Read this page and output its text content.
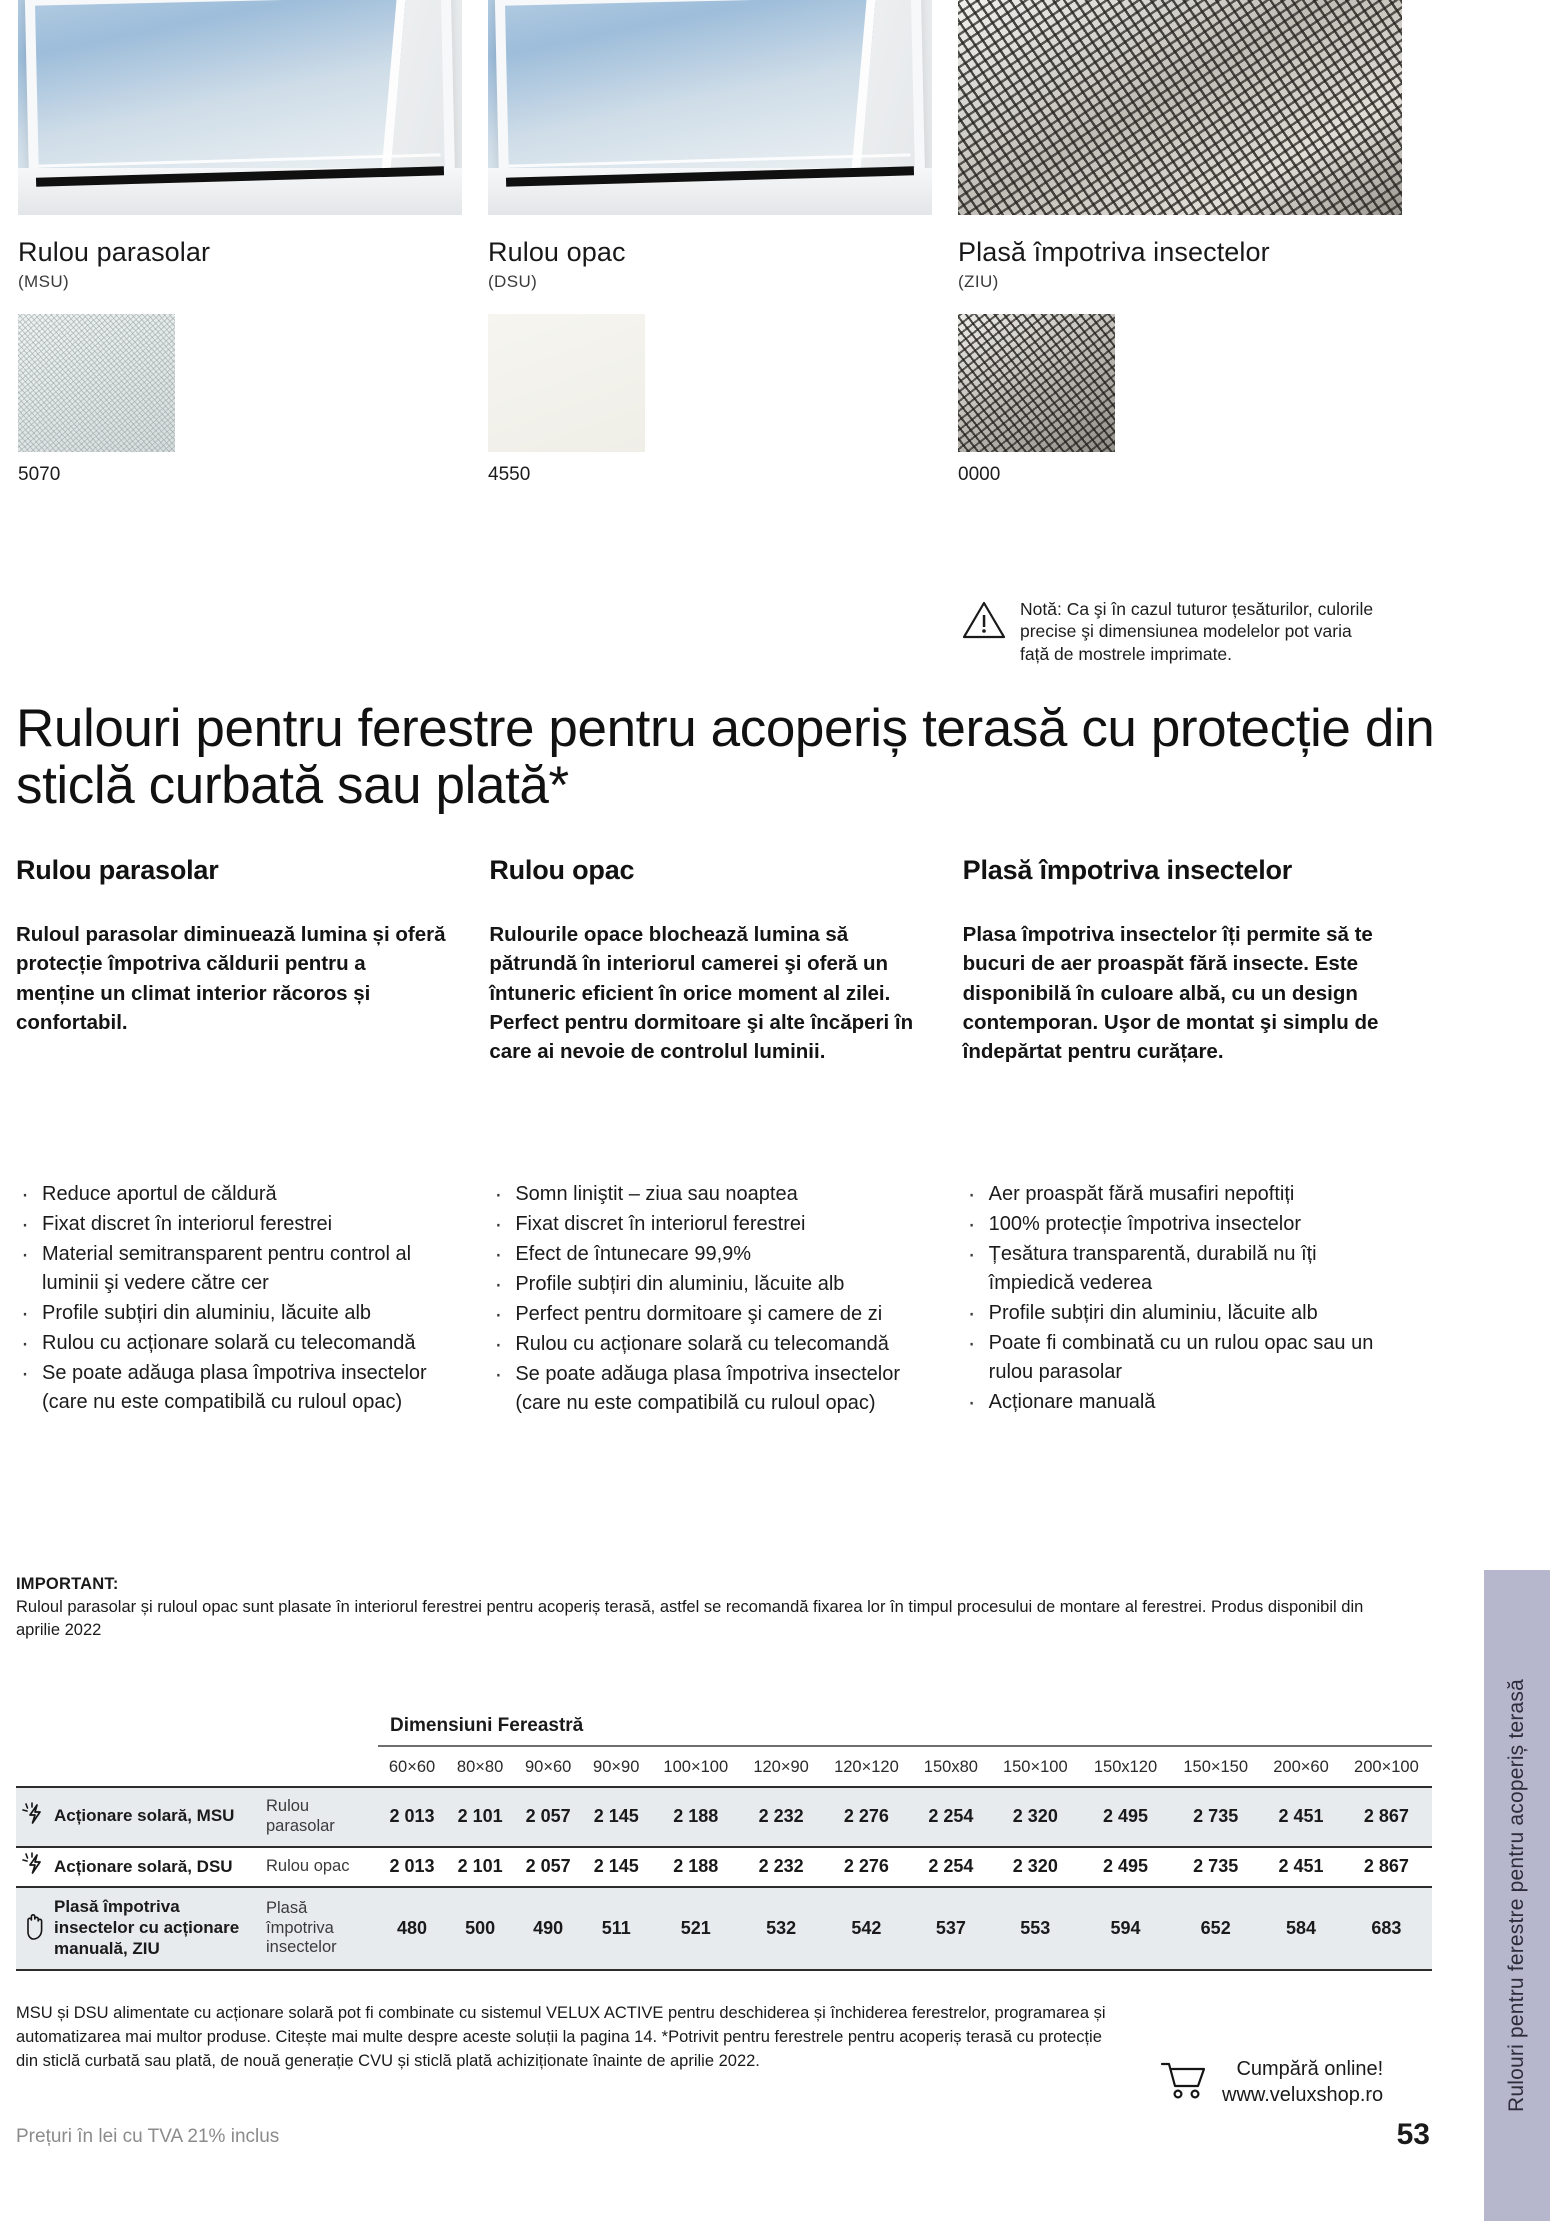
Rulouri pentru ferestre pentru acoperiș terasă
Rulou parasolar
(MSU)
5070
Rulou opac
(DSU)
4550
Plasă împotriva insectelor
(ZIU)
0000
Notă: Ca şi în cazul tuturor țesăturilor, culorile precise şi dimensiunea modelelor pot varia față de mostrele imprimate.
Rulouri pentru ferestre pentru acoperiș terasă cu protecție din sticlă curbată sau plată*
Rulou parasolar

Ruloul parasolar diminuează lumina și oferă protecție împotriva căldurii pentru a menține un climat interior răcoros și confortabil.

Rulou opac

Rulourile opace blochează lumina să pătrundă în interiorul camerei şi oferă un întuneric eficient în orice moment al zilei. Perfect pentru dormitoare şi alte încăperi în care ai nevoie de controlul luminii.

Plasă împotriva insectelor

Plasa împotriva insectelor îți permite să te bucuri de aer proaspăt fără insecte. Este disponibilă în culoare albă, cu un design contemporan. Uşor de montat şi simplu de îndepărtat pentru curățare.

· Reduce aportul de căldură
· Fixat discret în interiorul ferestrei
· Material semitransparent pentru control al luminii şi vedere către cer
· Profile subțiri din aluminiu, lăcuite alb
· Rulou cu acționare solară cu telecomandă
· Se poate adăuga plasa împotriva insectelor (care nu este compatibilă cu ruloul opac)
· Somn liniştit – ziua sau noaptea
· Fixat discret în interiorul ferestrei
· Efect de întunecare 99,9%
· Profile subțiri din aluminiu, lăcuite alb
· Perfect pentru dormitoare şi camere de zi
· Rulou cu acționare solară cu telecomandă
· Se poate adăuga plasa împotriva insectelor (care nu este compatibilă cu ruloul opac)
· Aer proaspăt fără musafiri nepoftiți
· 100% protecție împotriva insectelor
· Țesătura transparentă, durabilă nu îți împiedică vederea
· Profile subțiri din aluminiu, lăcuite alb
· Poate fi combinată cu un rulou opac sau un rulou parasolar
· Acționare manuală
IMPORTANT:
Ruloul parasolar și ruloul opac sunt plasate în interiorul ferestrei pentru acoperiș terasă, astfel se recomandă fixarea lor în timpul procesului de montare al ferestrei. Produs disponibil din aprilie 2022
			Dimensiuni Fereastră												
			60×60	80×80	90×60	90×90	100×100	120×90	120×120	150x80	150×100	150x120	150×150	200×60	200×100
	Acționare solară, MSU	Rulou parasolar	2 013	2 101	2 057	2 145	2 188	2 232	2 276	2 254	2 320	2 495	2 735	2 451	2 867
	Acționare solară, DSU	Rulou opac	2 013	2 101	2 057	2 145	2 188	2 232	2 276	2 254	2 320	2 495	2 735	2 451	2 867
	Plasă împotriva insectelor cu acționare manuală, ZIU	Plasă împotriva insectelor	480	500	490	511	521	532	542	537	553	594	652	584	683
MSU și DSU alimentate cu acționare solară pot fi combinate cu sistemul VELUX ACTIVE pentru deschiderea și închiderea ferestrelor, programarea și automatizarea mai multor produse. Citește mai multe despre aceste soluții la pagina 14. *Potrivit pentru ferestrele pentru acoperiș terasă cu protecție din sticlă curbată sau plată, de nouă generație CVU și sticlă plată achiziționate înainte de aprilie 2022.	Cumpără online!
www.veluxshop.ro
Prețuri în lei cu TVA 21% inclus	53
